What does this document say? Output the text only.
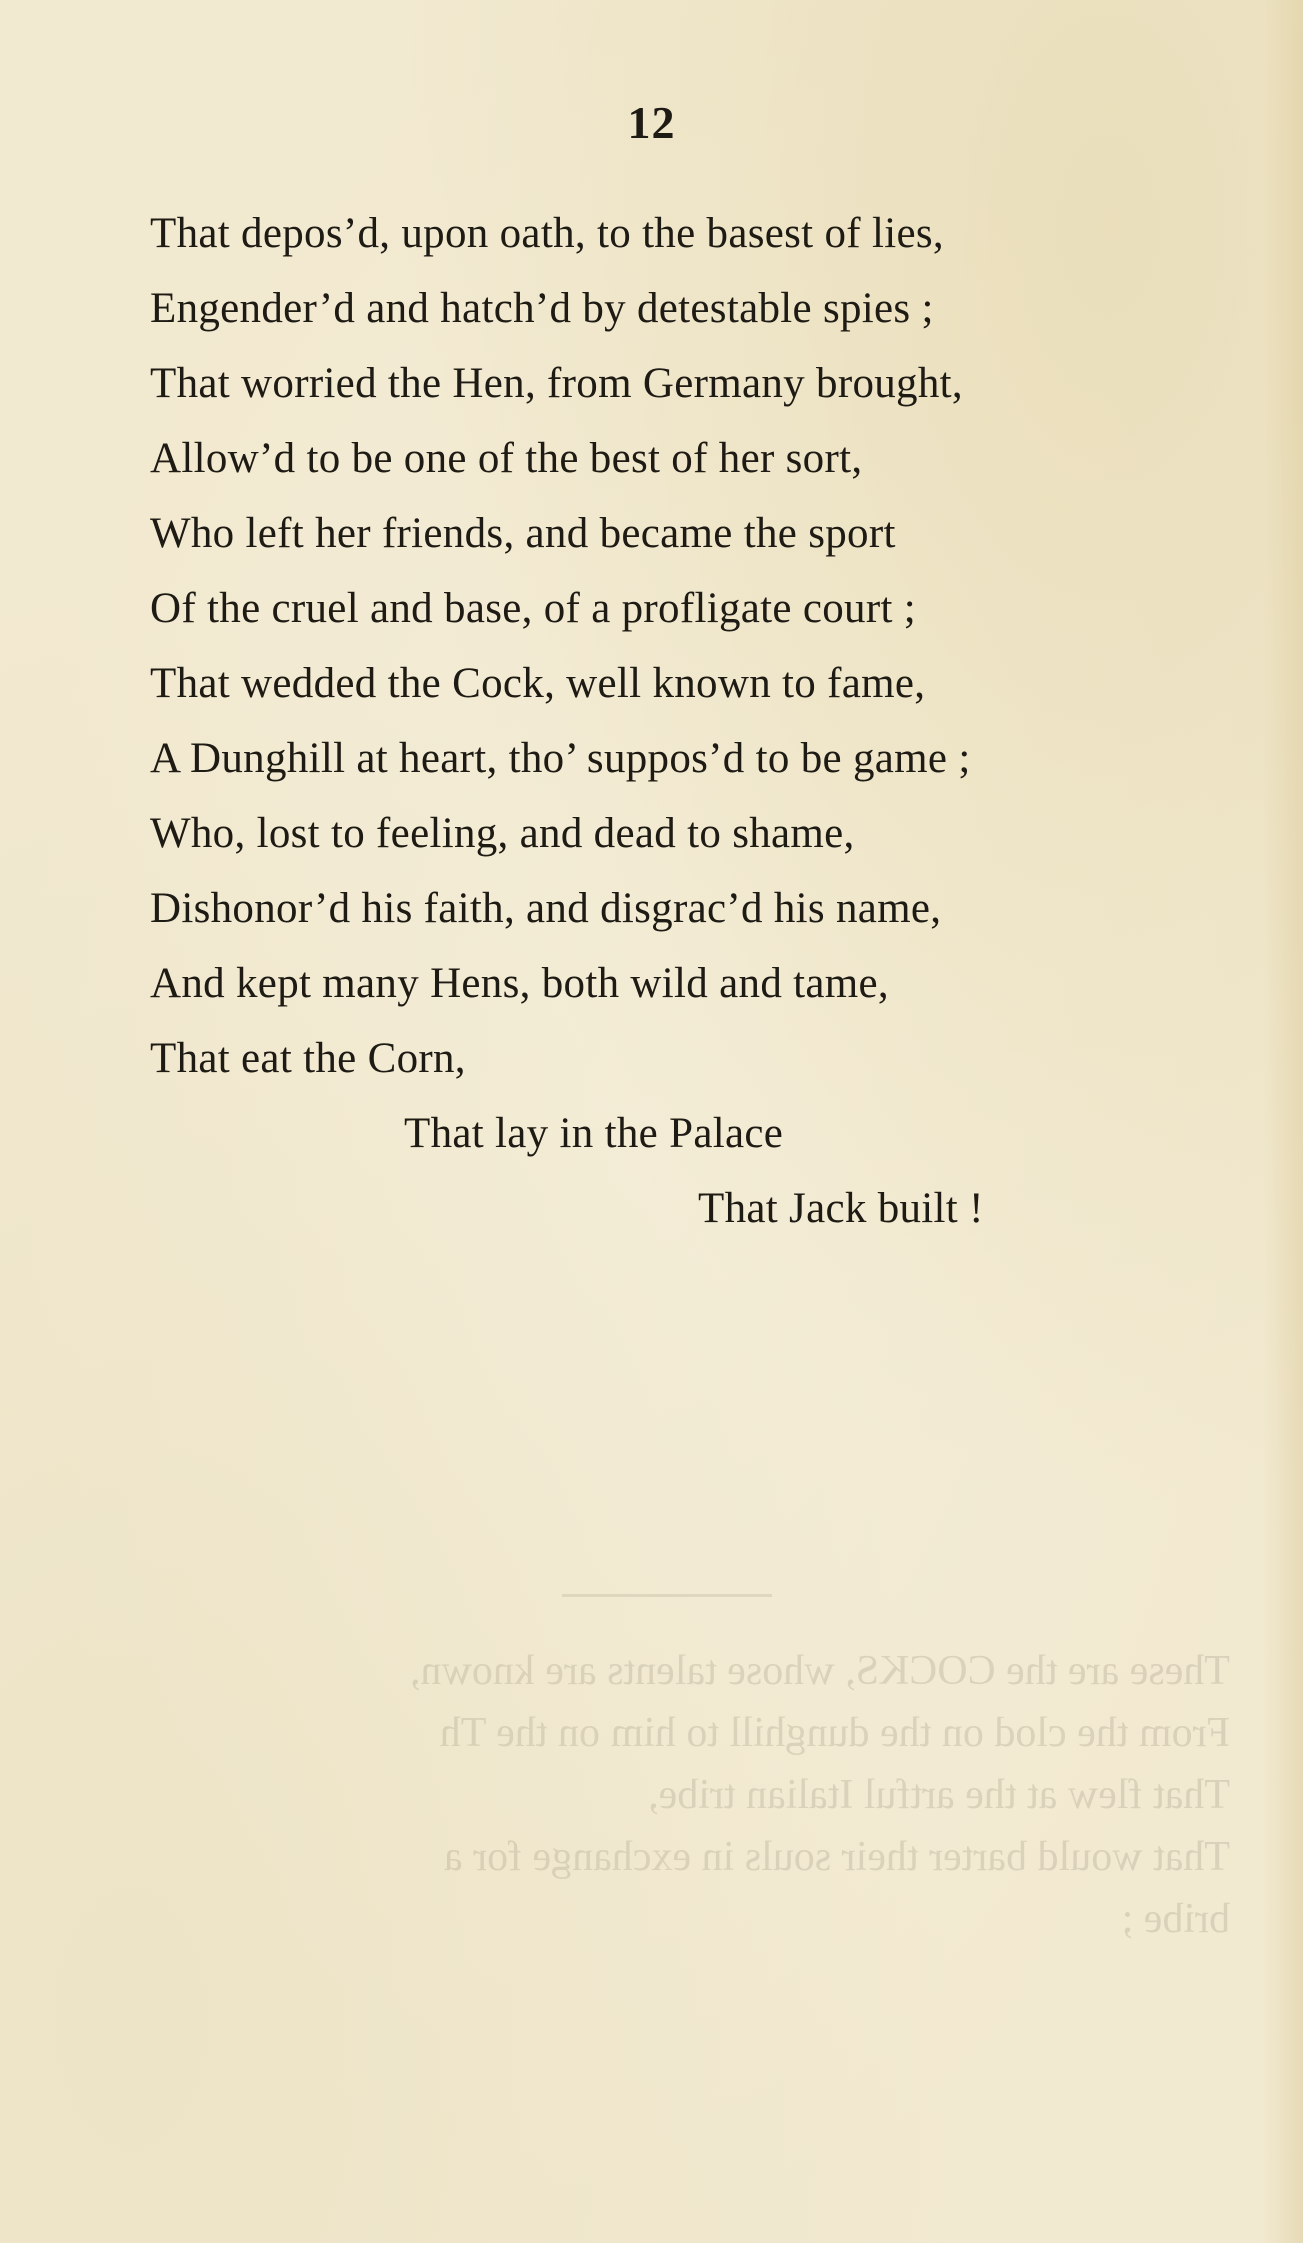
12
That depos’d, upon oath, to the basest of lies,
Engender’d and hatch’d by detestable spies ;
That worried the Hen, from Germany brought,
Allow’d to be one of the best of her sort,
Who left her friends, and became the sport
Of the cruel and base, of a profligate court ;
That wedded the Cock, well known to fame,
A Dunghill at heart, tho’ suppos’d to be game ;
Who, lost to feeling, and dead to shame,
Dishonor’d his faith, and disgrac’d his name,
And kept many Hens, both wild and tame,
That eat the Corn,
That lay in the Palace
That Jack built !
These are the COCKS, whose talents are known,
From the clod on the dunghill to him on the Th
That flew at the artful Italian tribe,
That would barter their souls in exchange for a
bribe ;
